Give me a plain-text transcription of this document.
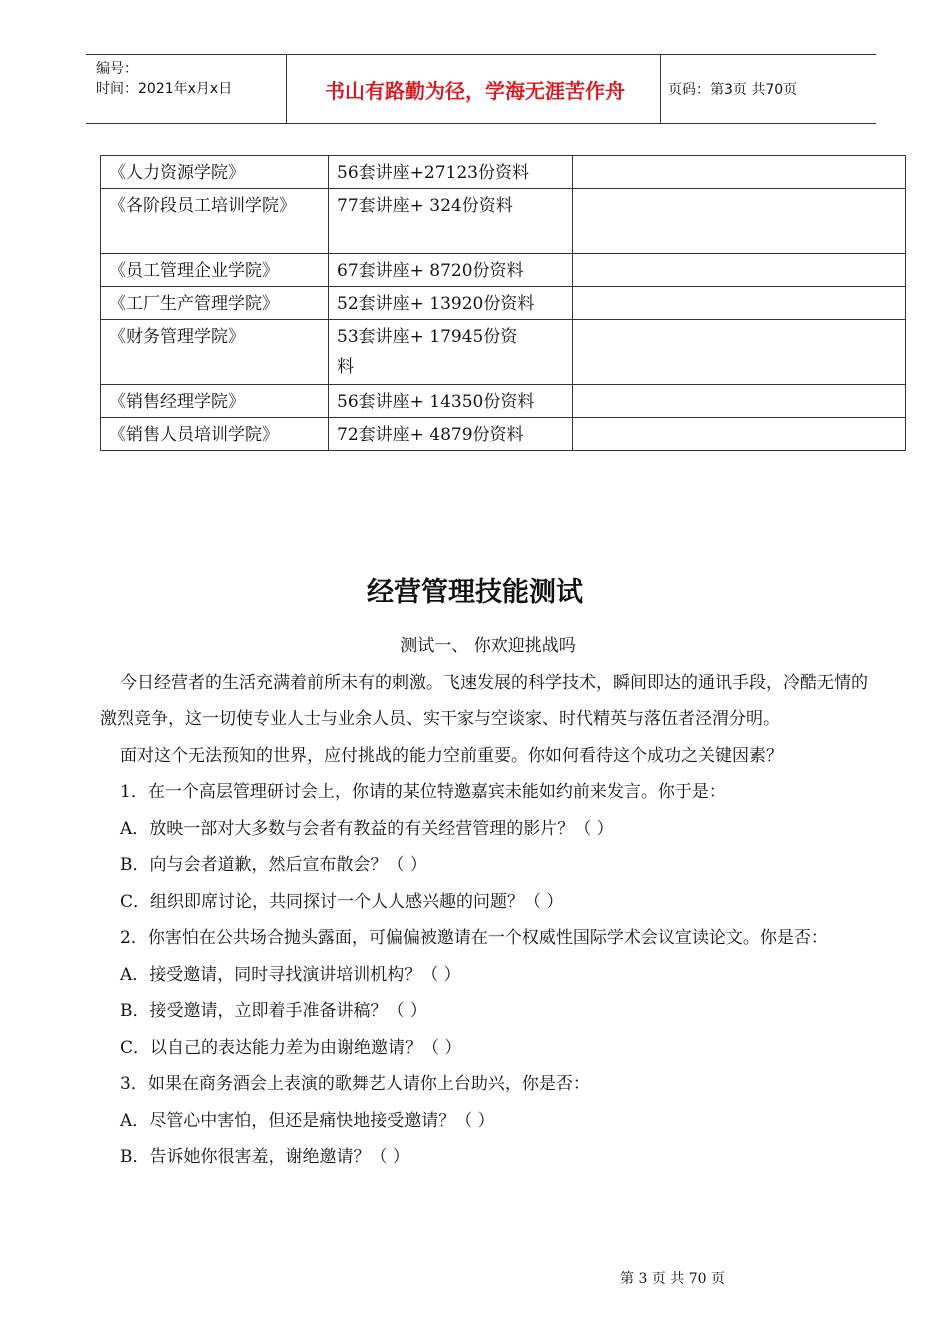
编号：
时间：2021年x月x日	书山有路勤为径，学海无涯苦作舟	页码：第3页 共70页
《人力资源学院》	56套讲座+27123份资料	
《各阶段员工培训学院》	77套讲座+ 324份资料	
《员工管理企业学院》	67套讲座+ 8720份资料	
《工厂生产管理学院》	52套讲座+ 13920份资料	
《财务管理学院》	53套讲座+ 17945份资料	
《销售经理学院》	56套讲座+ 14350份资料	
《销售人员培训学院》	72套讲座+ 4879份资料	
经营管理技能测试

测试一、 你欢迎挑战吗

今日经营者的生活充满着前所未有的刺激。飞速发展的科学技术，瞬间即达的通讯手段，冷酷无情的激烈竞争，这一切使专业人士与业余人员、实干家与空谈家、时代精英与落伍者泾渭分明。

面对这个无法预知的世界，应付挑战的能力空前重要。你如何看待这个成功之关键因素？

1．在一个高层管理研讨会上，你请的某位特邀嘉宾未能如约前来发言。你于是：

A．放映一部对大多数与会者有教益的有关经营管理的影片？（ ）

B．向与会者道歉，然后宣布散会？（ ）

C．组织即席讨论，共同探讨一个人人感兴趣的问题？（ ）

2．你害怕在公共场合抛头露面，可偏偏被邀请在一个权威性国际学术会议宣读论文。你是否：

A．接受邀请，同时寻找演讲培训机构？（ ）

B．接受邀请，立即着手准备讲稿？（ ）

C．以自己的表达能力差为由谢绝邀请？（ ）

3．如果在商务酒会上表演的歌舞艺人请你上台助兴，你是否：

A．尽管心中害怕，但还是痛快地接受邀请？（ ）

B．告诉她你很害羞，谢绝邀请？（ ）

第 3 页 共 70 页
